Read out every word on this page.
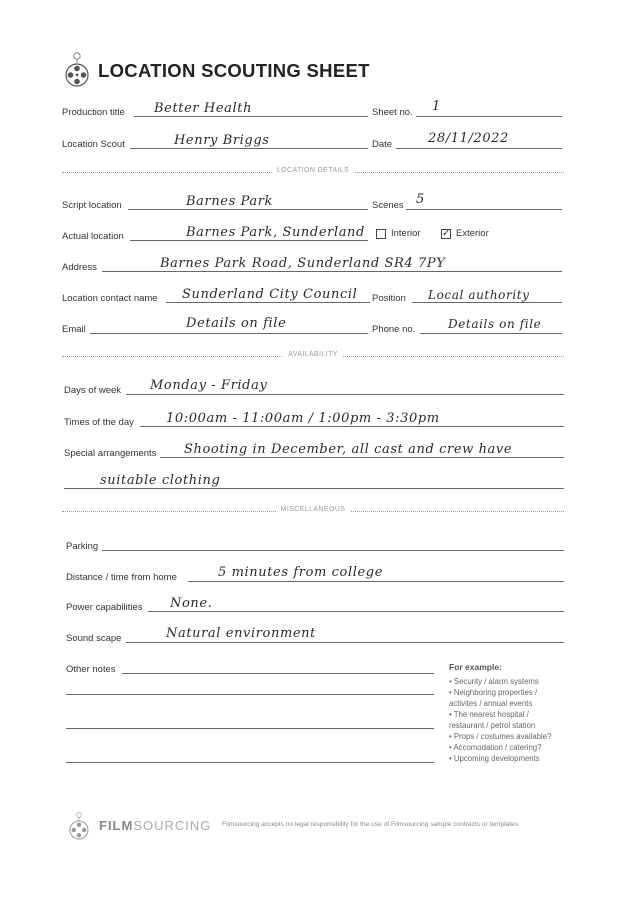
LOCATION SCOUTING SHEET
Production title Better Health	Sheet no. 1
Location Scout	Henry Briggs	Date	28/11/2022
LOCATION DETAILS
Script location	Barnes Park	Scenes 5
Actual location	Barnes Park, Sunderland	Interior ✓ Exterior
Address	Barnes Park Road, Sunderland SR4 7PY
Location contact name Sunderland City Council Position Local authority
Email	Details on file	Phone no.	Details on file
AVAILABILITY
Days of week Monday - Friday
Times of the day 10:00am - 11:00am / 1:00pm - 3:30pm
Special arrangements Shooting in December, all cast and crew have
suitable clothing
MISCELLANEOUS
Parking
Distance / time from home	5 minutes from college
Power capabilities None.
Sound scape	Natural environment
Other notes	For example:
• Security / alarm systems
• Neighboring properties /
activites / annual events
• The nearest hospital /
restaurant / petrol station
• Props / costumes available?
• Accomodation / catering?
• Upcoming developments
FILMSOURCING Filmsourcing accepts no legal responsibility for the use of Filmsourcing sample contracts or templates.
